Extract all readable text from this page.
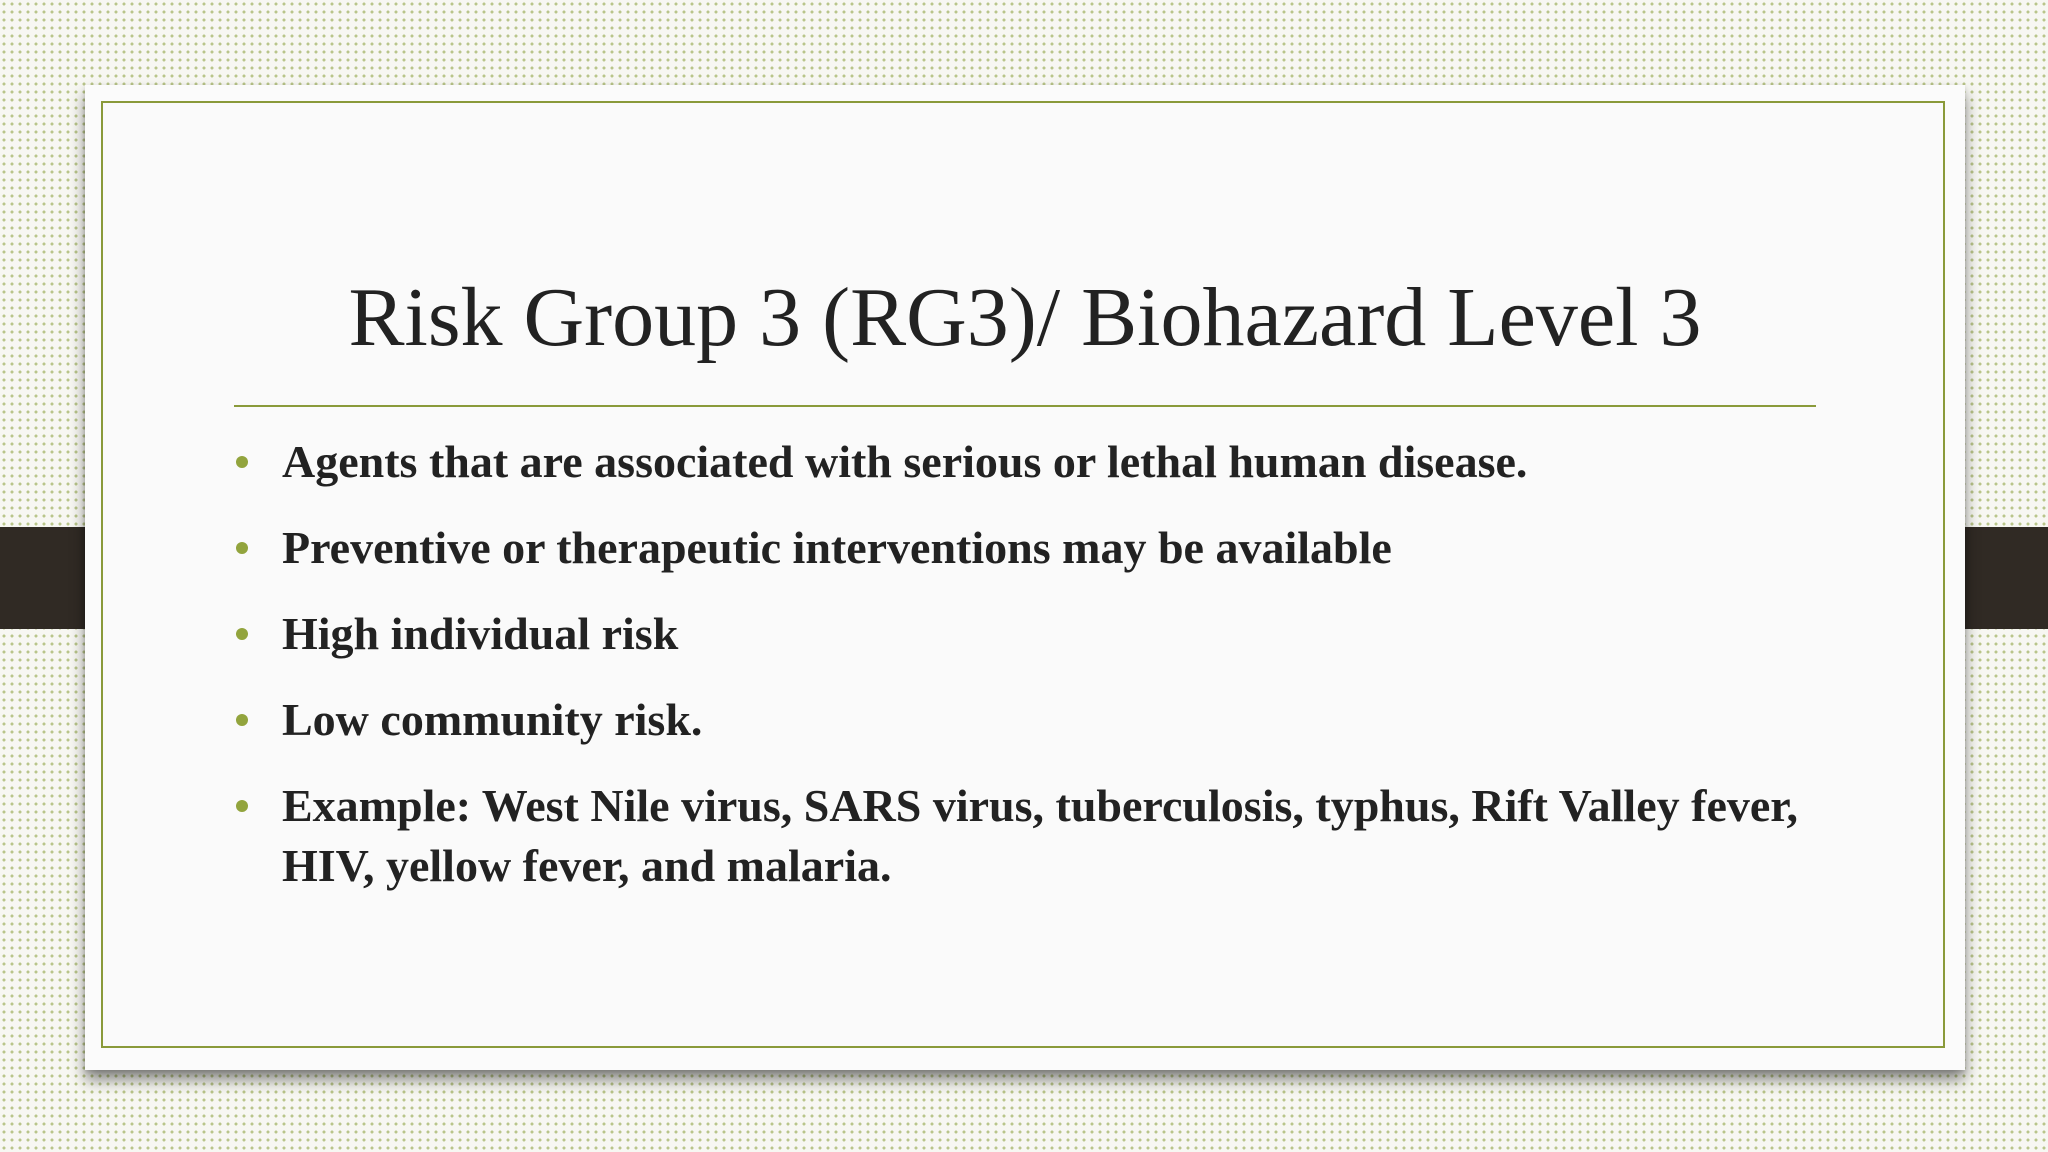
Risk Group 3 (RG3)/ Biohazard Level 3
Agents that are associated with serious or lethal human disease.
Preventive or therapeutic interventions may be available
High individual risk
Low community risk.
Example: West Nile virus, SARS virus, tuberculosis, typhus, Rift Valley fever, HIV, yellow fever, and malaria.
